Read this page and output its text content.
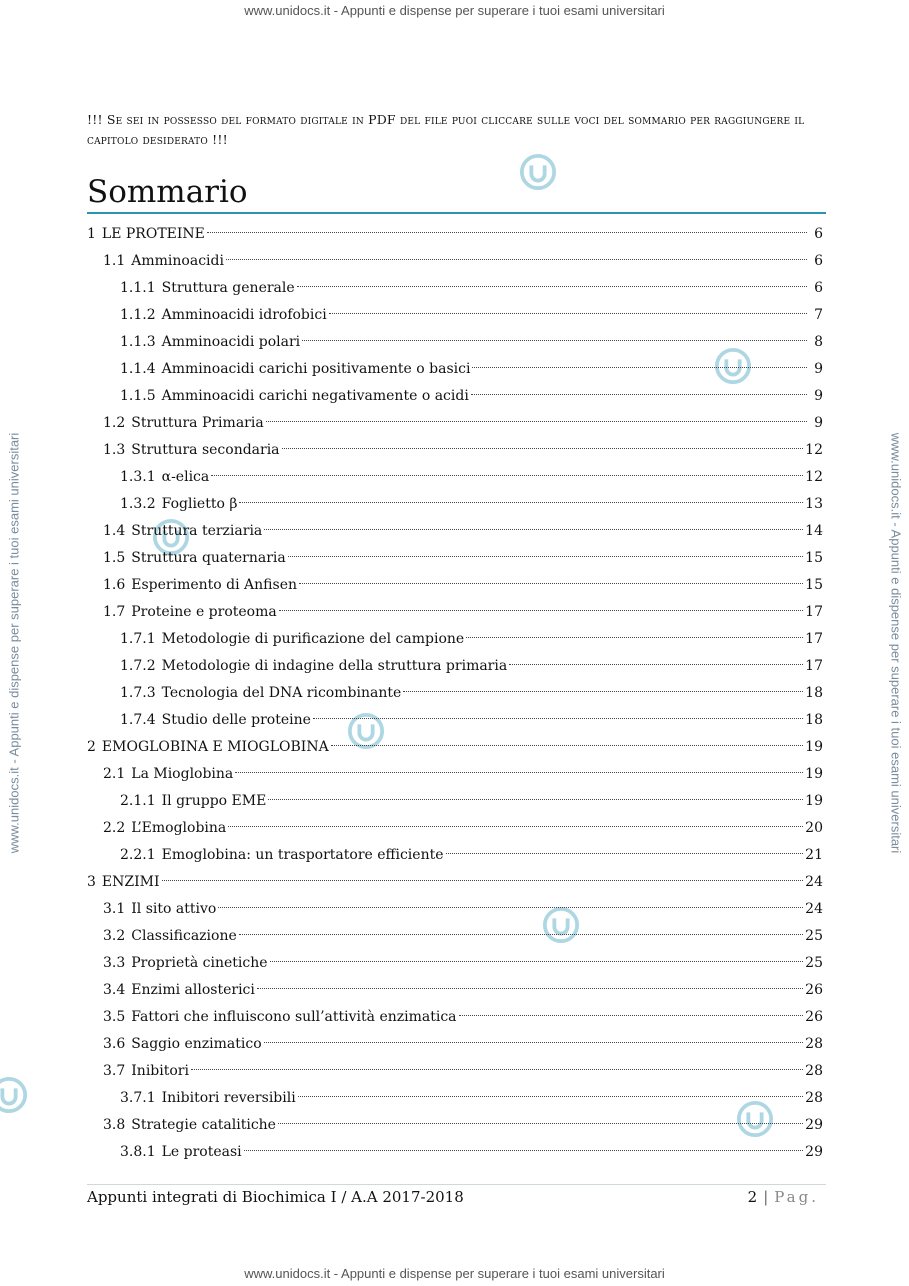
www.unidocs.it - Appunti e dispense per superare i tuoi esami universitari
www.unidocs.it - Appunti e dispense per superare i tuoi esami universitari	www.unidocs.it - Appunti e dispense per superare i tuoi esami universitari
!!! Se sei in possesso del formato digitale in PDF del file puoi cliccare sulle voci del sommario per raggiungere il capitolo desiderato !!!
Sommario
1 LE PROTEINE	6
1.1 Amminoacidi	6
1.1.1 Struttura generale	6
1.1.2 Amminoacidi idrofobici	7
1.1.3 Amminoacidi polari	8
1.1.4 Amminoacidi carichi positivamente o basici	9
1.1.5 Amminoacidi carichi negativamente o acidi	9
1.2 Struttura Primaria	9
1.3 Struttura secondaria	12
1.3.1 α-elica	12
1.3.2 Foglietto β	13
1.4 Struttura terziaria	14
1.5 Struttura quaternaria	15
1.6 Esperimento di Anfisen	15
1.7 Proteine e proteoma	17
1.7.1 Metodologie di purificazione del campione	17
1.7.2 Metodologie di indagine della struttura primaria	17
1.7.3 Tecnologia del DNA ricombinante	18
1.7.4 Studio delle proteine	18
2 EMOGLOBINA E MIOGLOBINA	19
2.1 La Mioglobina	19
2.1.1 Il gruppo EME	19
2.2 L’Emoglobina	20
2.2.1 Emoglobina: un trasportatore efficiente	21
3 ENZIMI	24
3.1 Il sito attivo	24
3.2 Classificazione	25
3.3 Proprietà cinetiche	25
3.4 Enzimi allosterici	26
3.5 Fattori che influiscono sull’attività enzimatica	26
3.6 Saggio enzimatico	28
3.7 Inibitori	28
3.7.1 Inibitori reversibili	28
3.8 Strategie catalitiche	29
3.8.1 Le proteasi	29
Appunti integrati di Biochimica I / A.A 2017-2018	2 | Pag.
www.unidocs.it - Appunti e dispense per superare i tuoi esami universitari
